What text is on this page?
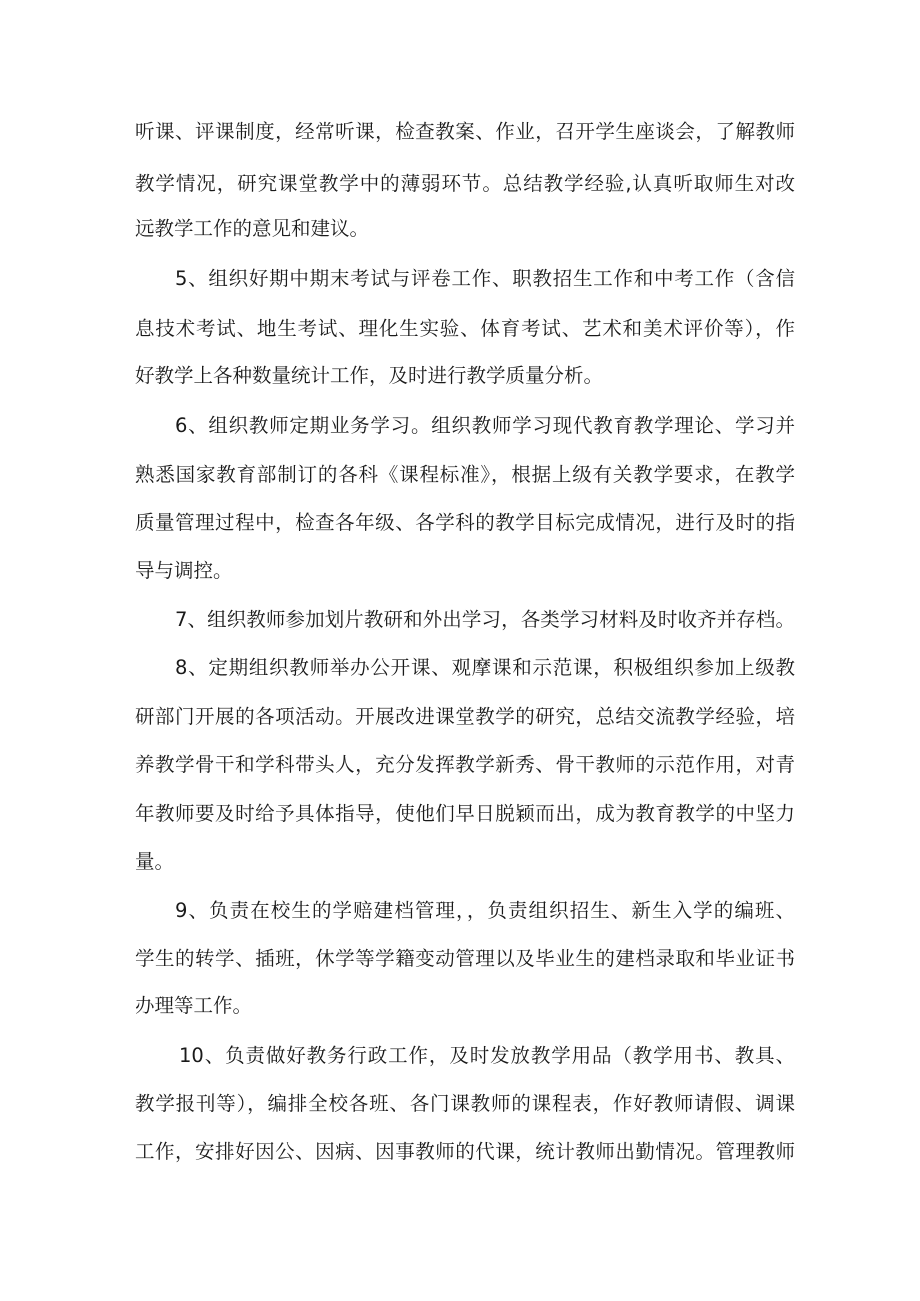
听课、评课制度，经常听课，检查教案、作业，召开学生座谈会，了解教师
教学情况，研究课堂教学中的薄弱环节。总结教学经验,认真听取师生对改
远教学工作的意见和建议。
5、组织好期中期末考试与评卷工作、职教招生工作和中考工作（含信
息技术考试、地生考试、理化生实验、体育考试、艺术和美术评价等），作
好教学上各种数量统计工作，及时进行教学质量分析。
6、组织教师定期业务学习。组织教师学习现代教育教学理论、学习并
熟悉国家教育部制订的各科《课程标准》，根据上级有关教学要求，在教学
质量管理过程中，检查各年级、各学科的教学目标完成情况，进行及时的指
导与调控。
7、组织教师参加划片教研和外出学习，各类学习材料及时收齐并存档。
8、定期组织教师举办公开课、观摩课和示范课，积极组织参加上级教
研部门开展的各项活动。开展改进课堂教学的研究，总结交流教学经验，培
养教学骨干和学科带头人，充分发挥教学新秀、骨干教师的示范作用，对青
年教师要及时给予具体指导，使他们早日脱颖而出，成为教育教学的中坚力
量。
9、负责在校生的学赔建档管理，，负责组织招生、新生入学的编班、
学生的转学、插班，休学等学籍变动管理以及毕业生的建档录取和毕业证书
办理等工作。
10、负责做好教务行政工作，及时发放教学用品（教学用书、教具、
教学报刊等），编排全校各班、各门课教师的课程表，作好教师请假、调课
工作，安排好因公、因病、因事教师的代课，统计教师出勤情况。管理教师
